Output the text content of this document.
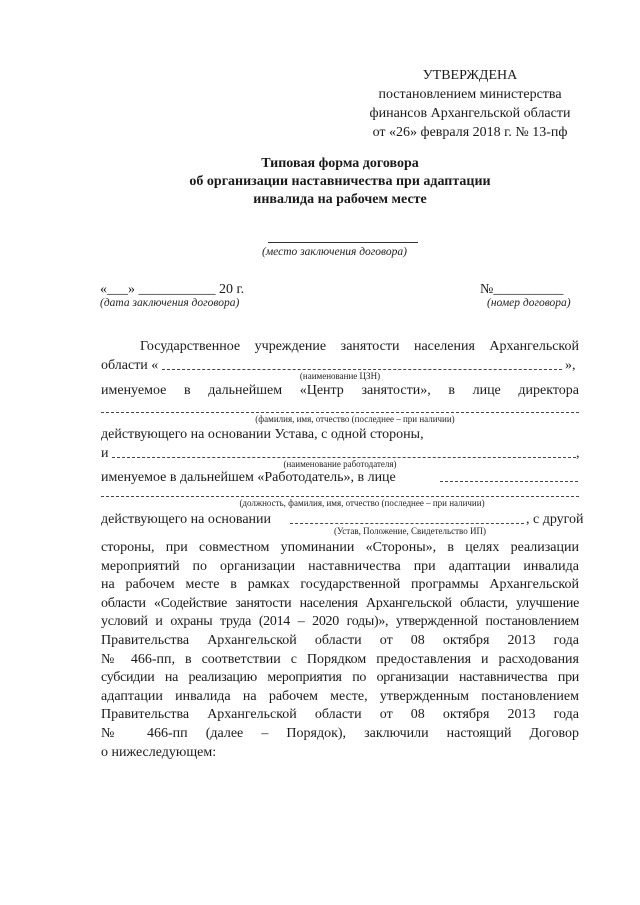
УТВЕРЖДЕНА
постановлением министерства
финансов Архангельской области
от «26» февраля 2018 г. № 13-пф
Типовая форма договора
об организации наставничества при адаптации
инвалида на рабочем месте
(место заключения договора)
«___» ___________ 20 г.
(дата заключения договора)
№__________
(номер договора)
Государственное учреждение занятости населения Архангельской
области «	»,
(наименование ЦЗН)
именуемое в дальнейшем «Центр занятости», в лице директора
(фамилия, имя, отчество (последнее – при наличии)
действующего на основании Устава, с одной стороны,
и	,
(наименование работодателя)
именуемое в дальнейшем «Работодатель», в лице
(должность, фамилия, имя, отчество (последнее – при наличии)
действующего на основании	, с другой
(Устав, Положение, Свидетельство ИП)
стороны, при совместном упоминании «Стороны», в целях реализации
мероприятий по организации наставничества при адаптации инвалида
на рабочем месте в рамках государственной программы Архангельской
области «Содействие занятости населения Архангельской области, улучшение
условий и охраны труда (2014 – 2020 годы)», утвержденной постановлением
Правительства Архангельской области от 08 октября 2013 года
№ 466-пп, в соответствии с Порядком предоставления и расходования
субсидии на реализацию мероприятия по организации наставничества при
адаптации инвалида на рабочем месте, утвержденным постановлением
Правительства Архангельской области от 08 октября 2013 года
№ 466-пп (далее – Порядок), заключили настоящий Договор
о нижеследующем:
